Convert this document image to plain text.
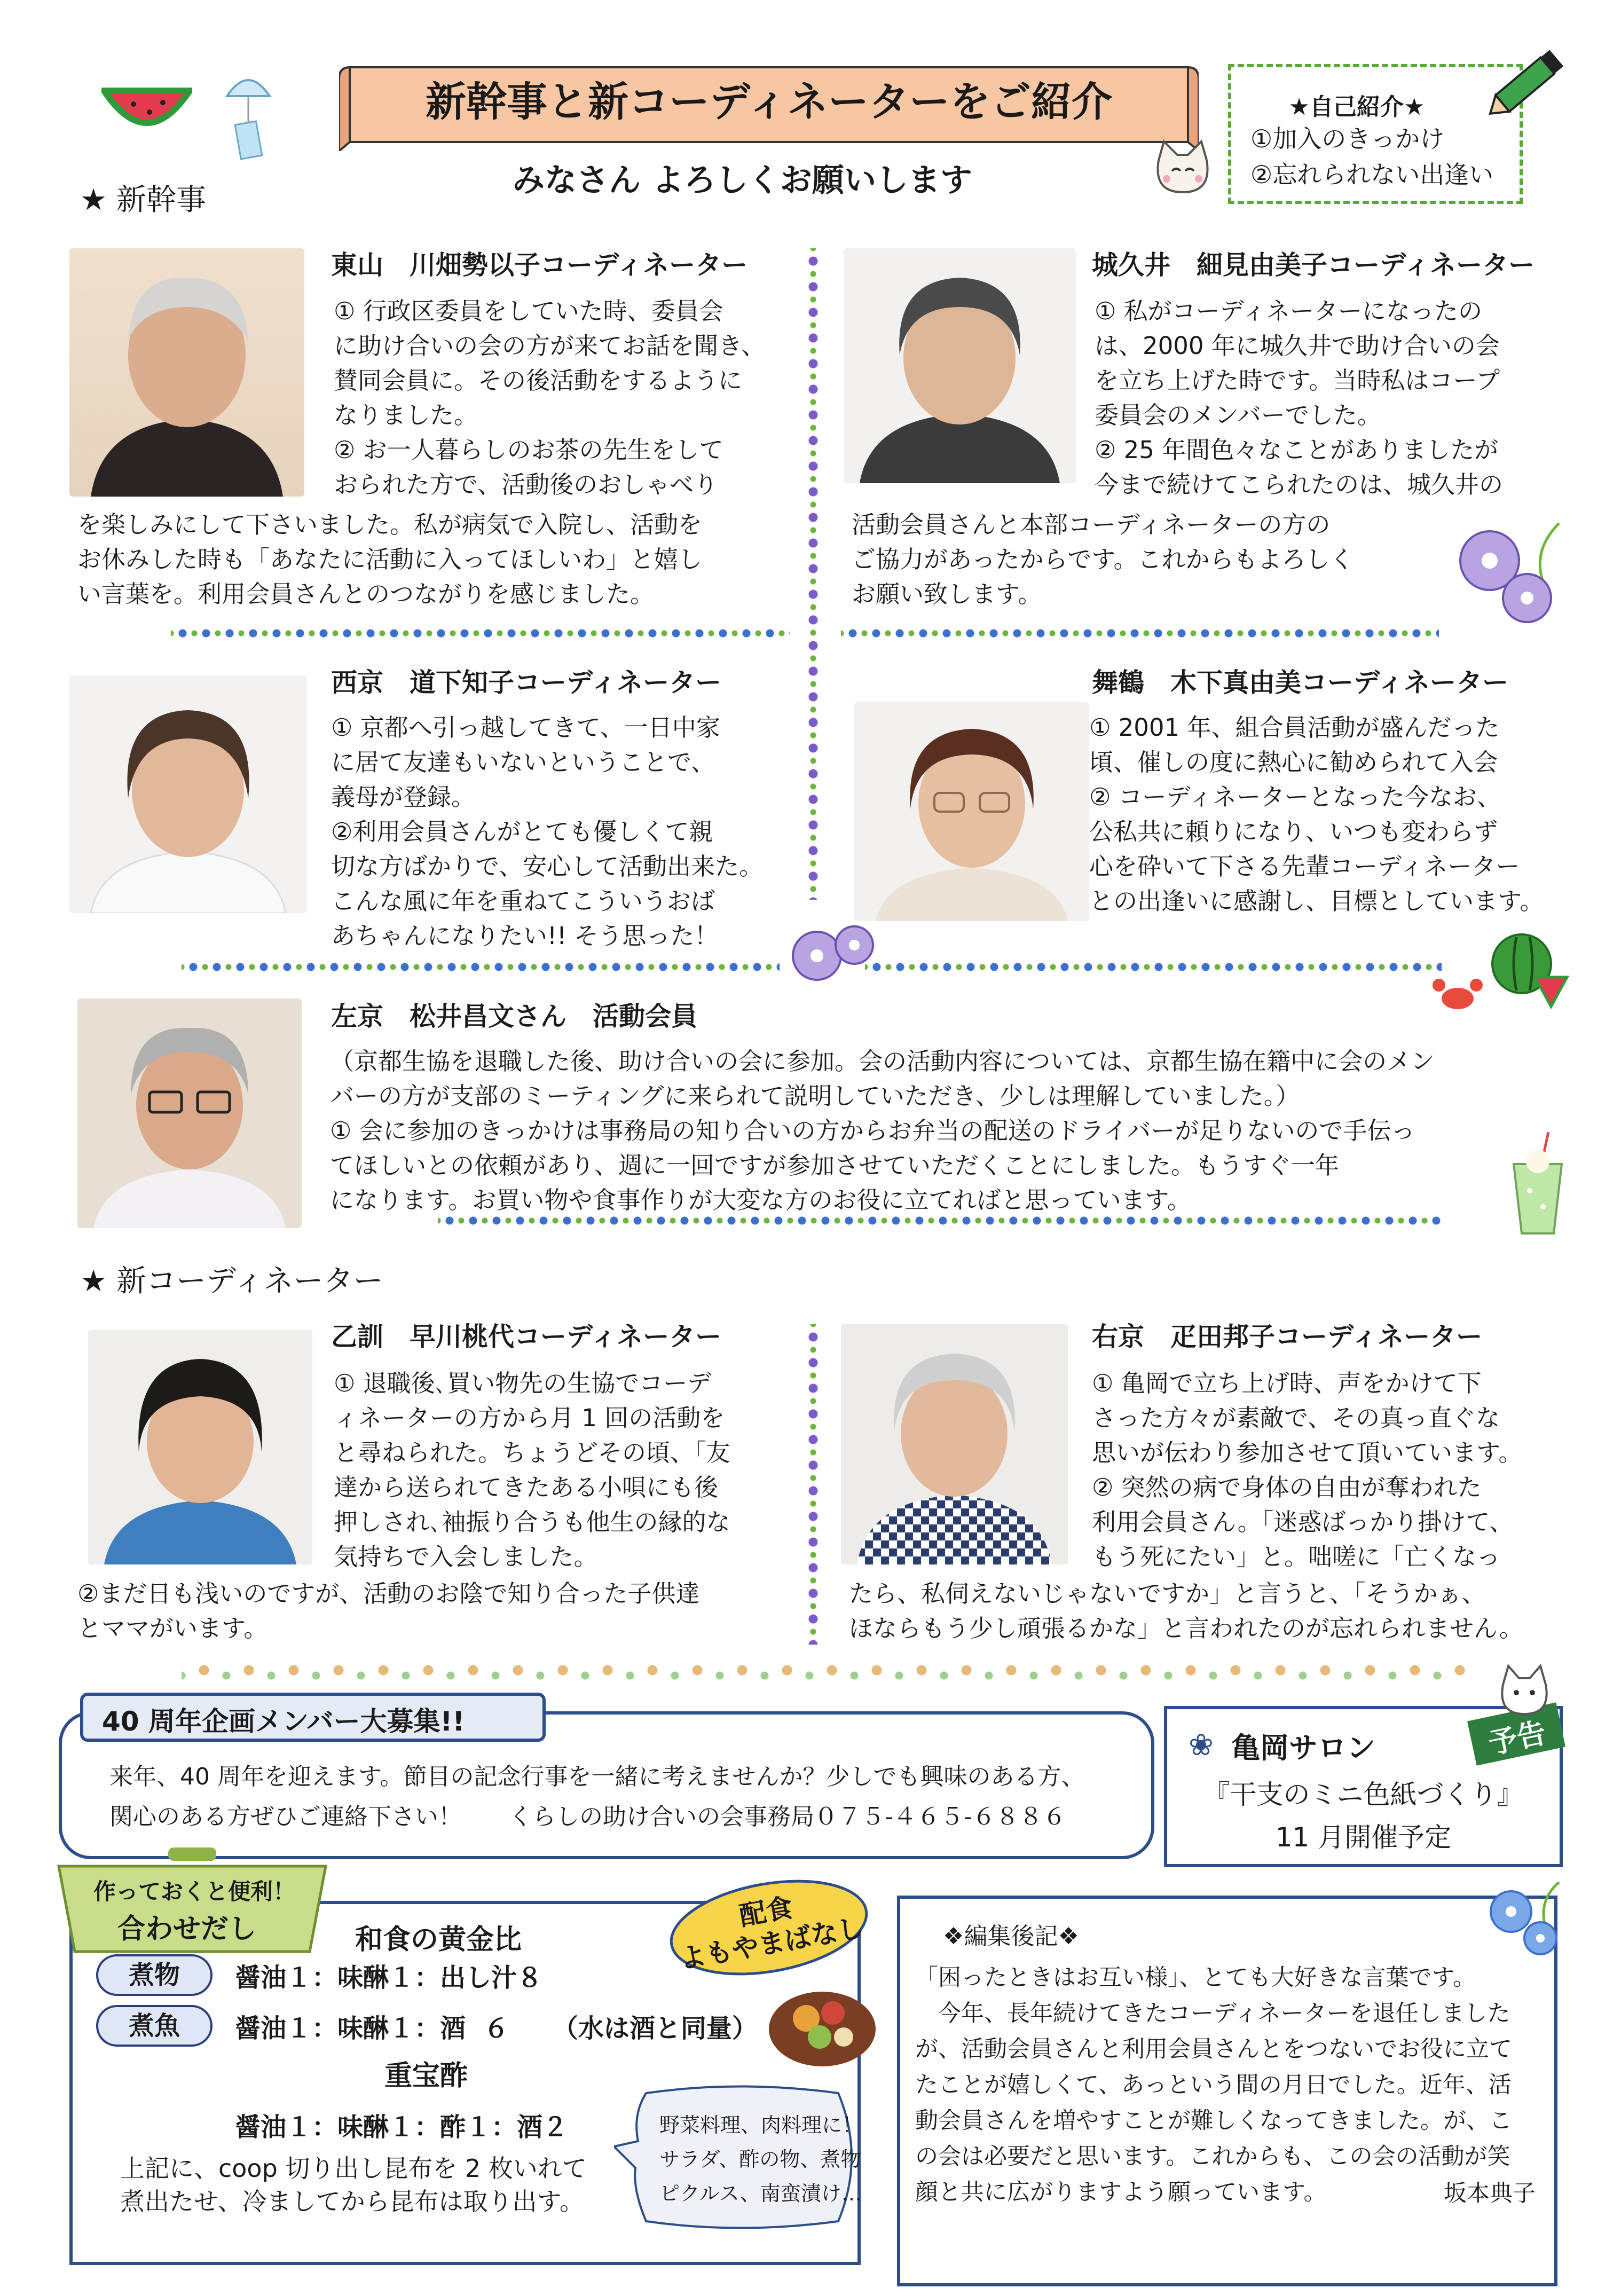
新幹事と新コーディネーターをご紹介
みなさん よろしくお願いします
★自己紹介★
①加入のきっかけ
②忘れられない出逢い
★ 新幹事
東山　川畑勢以子コーディネーター
① 行政区委員をしていた時、委員会
に助け合いの会の方が来てお話を聞き、
賛同会員に。その後活動をするように
なりました。
② お一人暮らしのお茶の先生をして
おられた方で、活動後のおしゃべり
を楽しみにして下さいました。私が病気で入院し、活動を
お休みした時も「あなたに活動に入ってほしいわ」と嬉し
い言葉を。利用会員さんとのつながりを感じました。
城久井　細見由美子コーディネーター
① 私がコーディネーターになったの
は、2000 年に城久井で助け合いの会
を立ち上げた時です。当時私はコープ
委員会のメンバーでした。
② 25 年間色々なことがありましたが
今まで続けてこられたのは、城久井の
活動会員さんと本部コーディネーターの方の
ご協力があったからです。これからもよろしく
お願い致します。
西京　道下知子コーディネーター
① 京都へ引っ越してきて、一日中家
に居て友達もいないということで、
義母が登録。
②利用会員さんがとても優しくて親
切な方ばかりで、安心して活動出来た。
こんな風に年を重ねてこういうおば
あちゃんになりたい!! そう思った！
舞鶴　木下真由美コーディネーター
① 2001 年、組合員活動が盛んだった
頃、催しの度に熱心に勧められて入会
② コーディネーターとなった今なお、
公私共に頼りになり、いつも変わらず
心を砕いて下さる先輩コーディネーター
との出逢いに感謝し、目標としています。
左京　松井昌文さん　活動会員
（京都生協を退職した後、助け合いの会に参加。会の活動内容については、京都生協在籍中に会のメン
バーの方が支部のミーティングに来られて説明していただき、少しは理解していました。）
① 会に参加のきっかけは事務局の知り合いの方からお弁当の配送のドライバーが足りないので手伝っ
てほしいとの依頼があり、週に一回ですが参加させていただくことにしました。もうすぐ一年
になります。お買い物や食事作りが大変な方のお役に立てればと思っています。
★ 新コーディネーター
乙訓　早川桃代コーディネーター
① 退職後､買い物先の生協でコーデ
ィネーターの方から月 1 回の活動を
と尋ねられた。ちょうどその頃、「友
達から送られてきたある小唄にも後
押しされ､袖振り合うも他生の縁的な
気持ちで入会しました。
②まだ日も浅いのですが、活動のお陰で知り合った子供達
とママがいます。
右京　疋田邦子コーディネーター
① 亀岡で立ち上げ時、声をかけて下
さった方々が素敵で、その真っ直ぐな
思いが伝わり参加させて頂いています。
② 突然の病で身体の自由が奪われた
利用会員さん。「迷惑ばっかり掛けて、
もう死にたい」と。咄嗟に「亡くなっ
たら、私伺えないじゃないですか」と言うと、「そうかぁ、
ほならもう少し頑張るかな」と言われたのが忘れられません。
40 周年企画メンバー大募集!!
来年、40 周年を迎えます。節目の記念行事を一緒に考えませんか？少しでも興味のある方、
関心のある方ぜひご連絡下さい！　　くらしの助け合いの会事務局０７５-４６５-６８８６
❀ 亀岡サロン
『干支のミニ色紙づくり』
11 月開催予定
予告
作っておくと便利！
合わせだし	和食の黄金比
煮物	醤油１：味醂１：出し汁８
煮魚	醤油１：味醂１：酒  ６　  （水は酒と同量）
重宝酢
醤油１：味醂１：酢１：酒２
上記に、coop 切り出し昆布を 2 枚いれて
煮出たせ、冷ましてから昆布は取り出す。
配食
よもやまばなし
野菜料理、肉料理に！
サラダ、酢の物、煮物
ピクルス、南蛮漬け…
❖編集後記❖
「困ったときはお互い様」、とても大好きな言葉です。
　今年、長年続けてきたコーディネーターを退任しました
が、活動会員さんと利用会員さんとをつないでお役に立て
たことが嬉しくて、あっという間の月日でした。近年、活
動会員さんを増やすことが難しくなってきました。が、こ
の会は必要だと思います。これからも、この会の活動が笑
顔と共に広がりますよう願っています。	坂本典子
